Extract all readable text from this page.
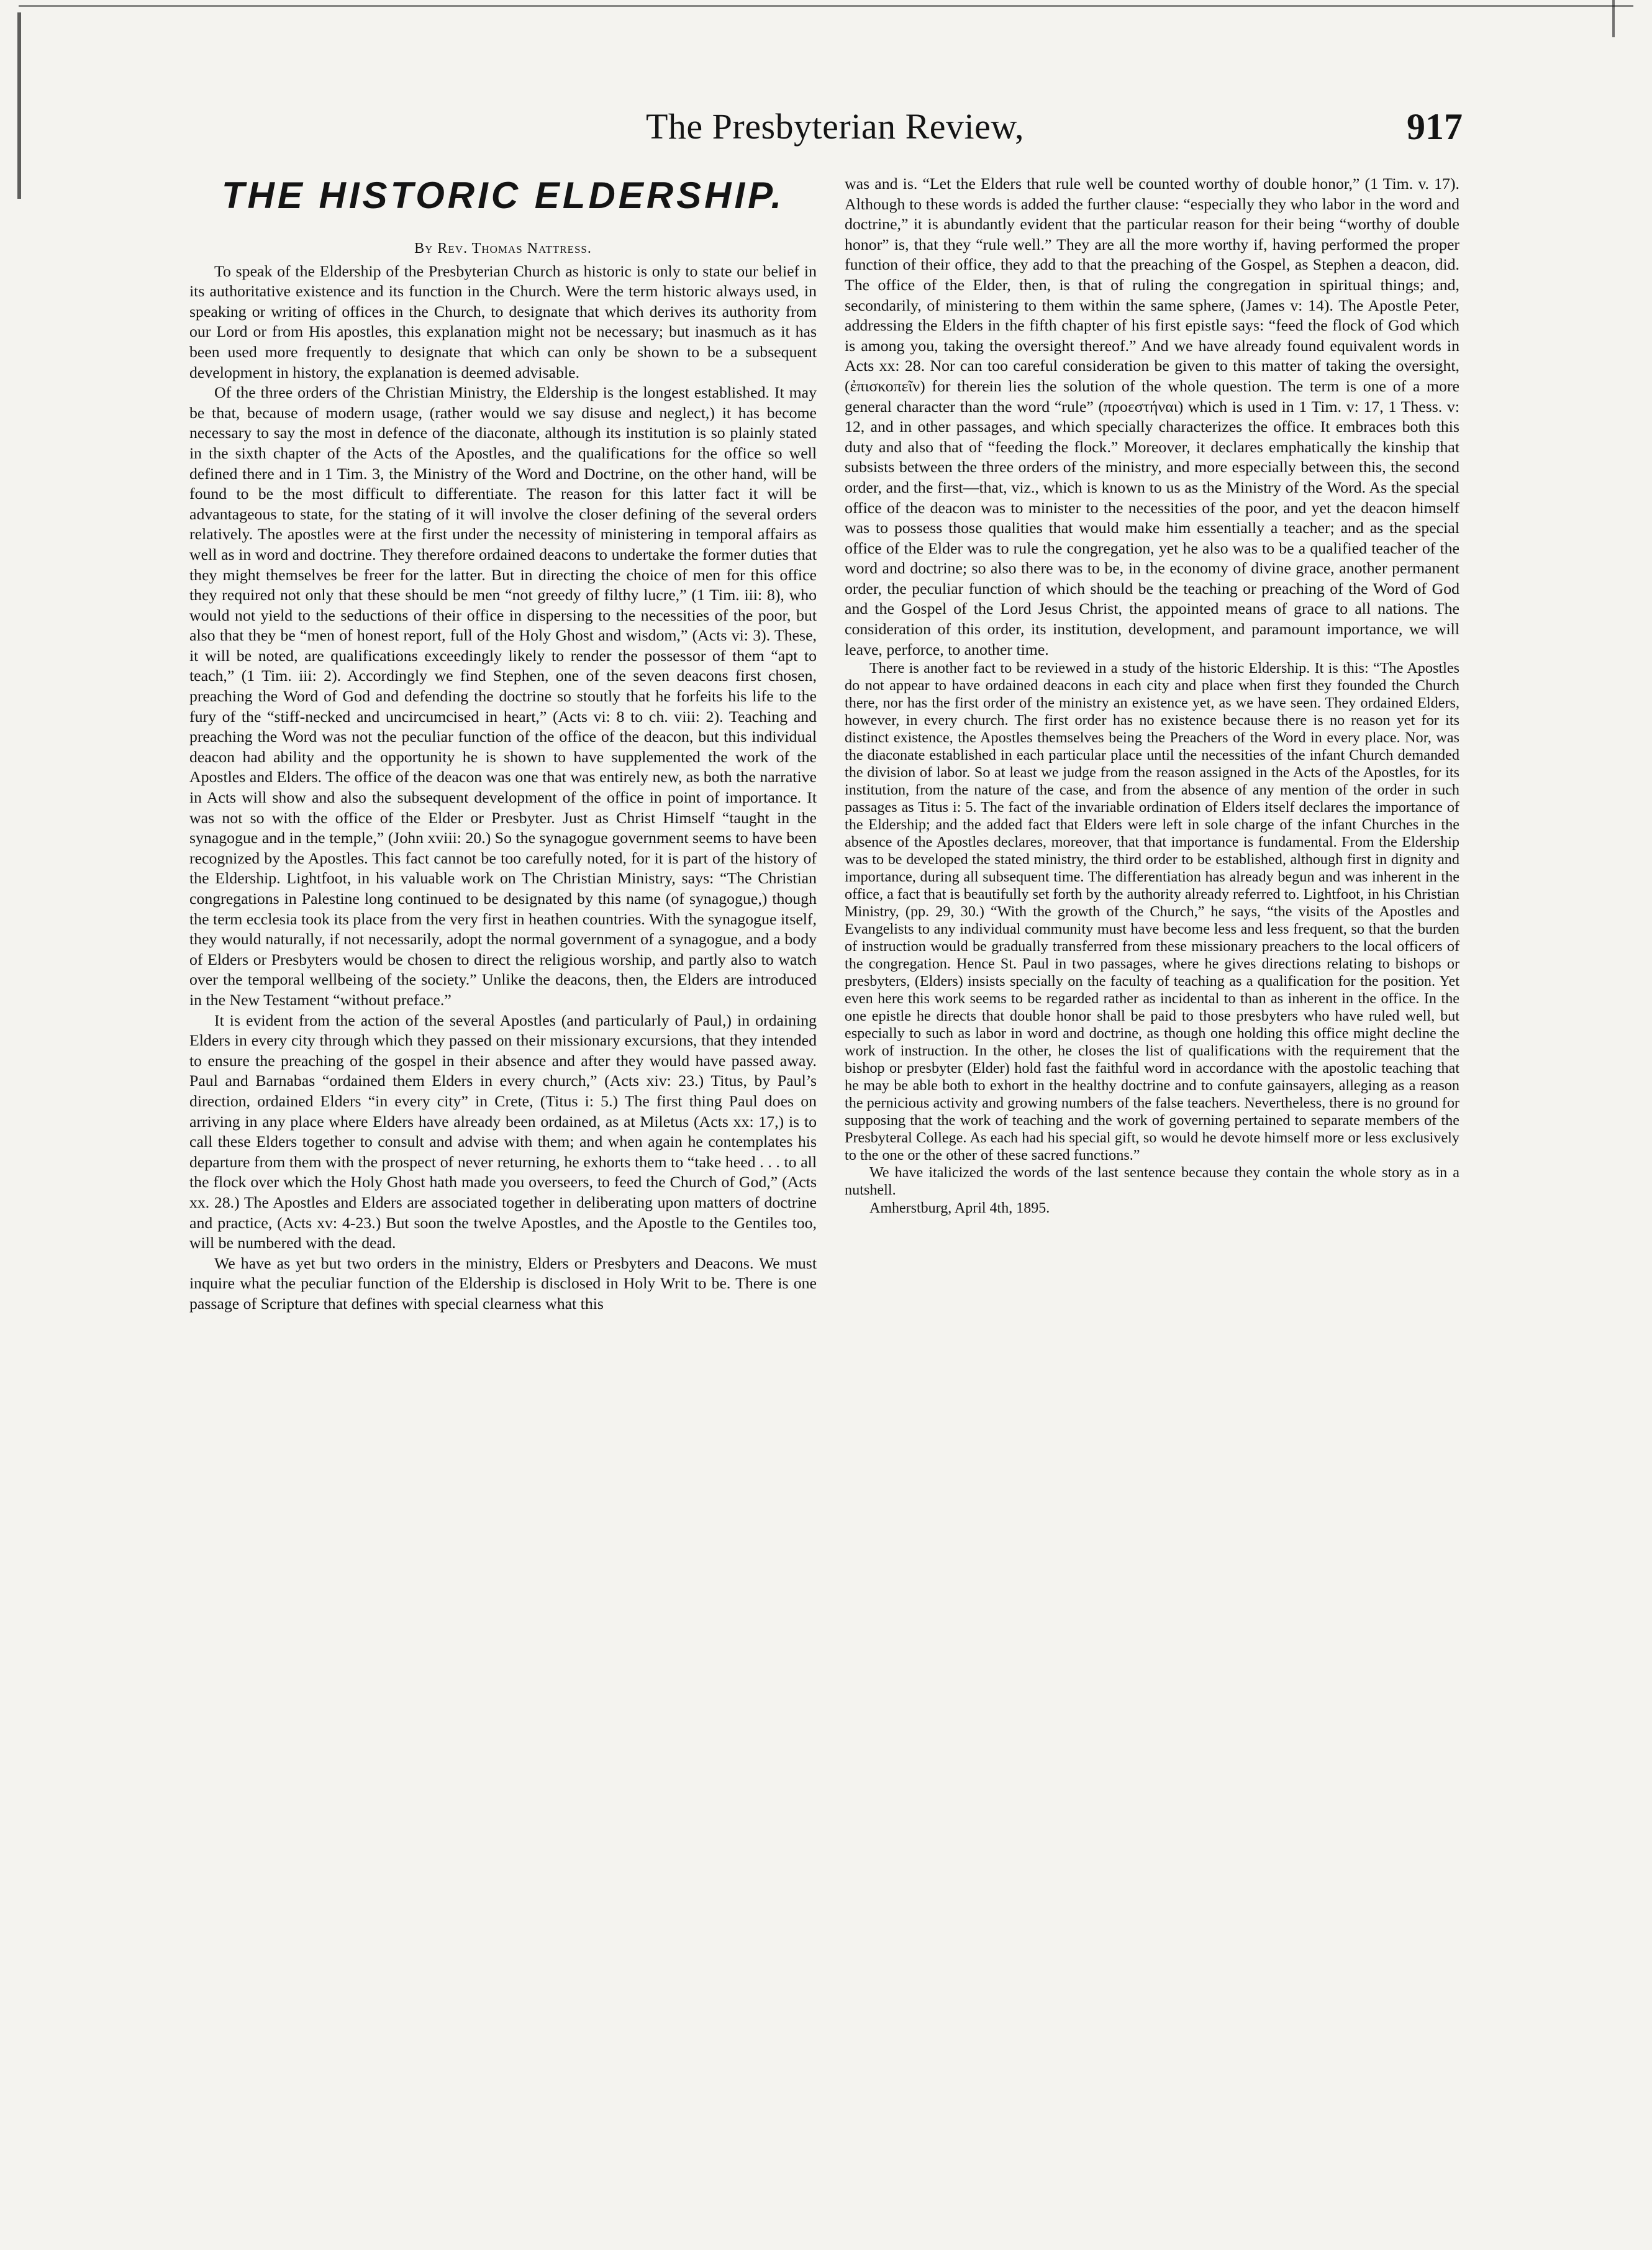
The Presbyterian Review,	917
THE HISTORIC ELDERSHIP.
By Rev. Thomas Nattress.

To speak of the Eldership of the Presbyterian Church as historic is only to state our belief in its authoritative existence and its function in the Church. Were the term historic always used, in speaking or writing of offices in the Church, to designate that which derives its authority from our Lord or from His apostles, this explanation might not be necessary; but inasmuch as it has been used more frequently to designate that which can only be shown to be a subsequent development in history, the explanation is deemed advisable.

Of the three orders of the Christian Ministry, the Eldership is the longest established. It may be that, because of modern usage, (rather would we say disuse and neglect,) it has become necessary to say the most in defence of the diaconate, although its institution is so plainly stated in the sixth chapter of the Acts of the Apostles, and the qualifications for the office so well defined there and in 1 Tim. 3, the Ministry of the Word and Doctrine, on the other hand, will be found to be the most difficult to differentiate. The reason for this latter fact it will be advantageous to state, for the stating of it will involve the closer defining of the several orders relatively. The apostles were at the first under the necessity of ministering in temporal affairs as well as in word and doctrine. They therefore ordained deacons to undertake the former duties that they might themselves be freer for the latter. But in directing the choice of men for this office they required not only that these should be men “not greedy of filthy lucre,” (1 Tim. iii: 8), who would not yield to the seductions of their office in dispersing to the necessities of the poor, but also that they be “men of honest report, full of the Holy Ghost and wisdom,” (Acts vi: 3). These, it will be noted, are qualifications exceedingly likely to render the possessor of them “apt to teach,” (1 Tim. iii: 2). Accordingly we find Stephen, one of the seven deacons first chosen, preaching the Word of God and defending the doctrine so stoutly that he forfeits his life to the fury of the “stiff-necked and uncircumcised in heart,” (Acts vi: 8 to ch. viii: 2). Teaching and preaching the Word was not the peculiar function of the office of the deacon, but this individual deacon had ability and the opportunity he is shown to have supplemented the work of the Apostles and Elders. The office of the deacon was one that was entirely new, as both the narrative in Acts will show and also the subsequent development of the office in point of importance. It was not so with the office of the Elder or Presbyter. Just as Christ Himself “taught in the synagogue and in the temple,” (John xviii: 20.) So the synagogue government seems to have been recognized by the Apostles. This fact cannot be too carefully noted, for it is part of the history of the Eldership. Lightfoot, in his valuable work on The Christian Ministry, says: “The Christian congregations in Palestine long continued to be designated by this name (of synagogue,) though the term ecclesia took its place from the very first in heathen countries. With the synagogue itself, they would naturally, if not necessarily, adopt the normal government of a synagogue, and a body of Elders or Presbyters would be chosen to direct the religious worship, and partly also to watch over the temporal wellbeing of the society.” Unlike the deacons, then, the Elders are introduced in the New Testament “without preface.”

It is evident from the action of the several Apostles (and particularly of Paul,) in ordaining Elders in every city through which they passed on their missionary excursions, that they intended to ensure the preaching of the gospel in their absence and after they would have passed away. Paul and Barnabas “ordained them Elders in every church,” (Acts xiv: 23.) Titus, by Paul’s direction, ordained Elders “in every city” in Crete, (Titus i: 5.) The first thing Paul does on arriving in any place where Elders have already been ordained, as at Miletus (Acts xx: 17,) is to call these Elders together to consult and advise with them; and when again he contemplates his departure from them with the prospect of never returning, he exhorts them to “take heed . . . to all the flock over which the Holy Ghost hath made you overseers, to feed the Church of God,” (Acts xx. 28.) The Apostles and Elders are associated together in deliberating upon matters of doctrine and practice, (Acts xv: 4-23.) But soon the twelve Apostles, and the Apostle to the Gentiles too, will be numbered with the dead.

We have as yet but two orders in the ministry, Elders or Presbyters and Deacons. We must inquire what the peculiar function of the Eldership is disclosed in Holy Writ to be. There is one passage of Scripture that defines with special clearness what this

was and is. “Let the Elders that rule well be counted worthy of double honor,” (1 Tim. v. 17). Although to these words is added the further clause: “especially they who labor in the word and doctrine,” it is abundantly evident that the particular reason for their being “worthy of double honor” is, that they “rule well.” They are all the more worthy if, having performed the proper function of their office, they add to that the preaching of the Gospel, as Stephen a deacon, did. The office of the Elder, then, is that of ruling the congregation in spiritual things; and, secondarily, of ministering to them within the same sphere, (James v: 14). The Apostle Peter, addressing the Elders in the fifth chapter of his first epistle says: “feed the flock of God which is among you, taking the oversight thereof.” And we have already found equivalent words in Acts xx: 28. Nor can too careful consideration be given to this matter of taking the oversight, (ἐπισκοπεῖν) for therein lies the solution of the whole question. The term is one of a more general character than the word “rule” (προεστήναι) which is used in 1 Tim. v: 17, 1 Thess. v: 12, and in other passages, and which specially characterizes the office. It embraces both this duty and also that of “feeding the flock.” Moreover, it declares emphatically the kinship that subsists between the three orders of the ministry, and more especially between this, the second order, and the first—that, viz., which is known to us as the Ministry of the Word. As the special office of the deacon was to minister to the necessities of the poor, and yet the deacon himself was to possess those qualities that would make him essentially a teacher; and as the special office of the Elder was to rule the congregation, yet he also was to be a qualified teacher of the word and doctrine; so also there was to be, in the economy of divine grace, another permanent order, the peculiar function of which should be the teaching or preaching of the Word of God and the Gospel of the Lord Jesus Christ, the appointed means of grace to all nations. The consideration of this order, its institution, development, and paramount importance, we will leave, perforce, to another time.

There is another fact to be reviewed in a study of the historic Eldership. It is this: “The Apostles do not appear to have ordained deacons in each city and place when first they founded the Church there, nor has the first order of the ministry an existence yet, as we have seen. They ordained Elders, however, in every church. The first order has no existence because there is no reason yet for its distinct existence, the Apostles themselves being the Preachers of the Word in every place. Nor, was the diaconate established in each particular place until the necessities of the infant Church demanded the division of labor. So at least we judge from the reason assigned in the Acts of the Apostles, for its institution, from the nature of the case, and from the absence of any mention of the order in such passages as Titus i: 5. The fact of the invariable ordination of Elders itself declares the importance of the Eldership; and the added fact that Elders were left in sole charge of the infant Churches in the absence of the Apostles declares, moreover, that that importance is fundamental. From the Eldership was to be developed the stated ministry, the third order to be established, although first in dignity and importance, during all subsequent time. The differentiation has already begun and was inherent in the office, a fact that is beautifully set forth by the authority already referred to. Lightfoot, in his Christian Ministry, (pp. 29, 30.) “With the growth of the Church,” he says, “the visits of the Apostles and Evangelists to any individual community must have become less and less frequent, so that the burden of instruction would be gradually transferred from these missionary preachers to the local officers of the congregation. Hence St. Paul in two passages, where he gives directions relating to bishops or presbyters, (Elders) insists specially on the faculty of teaching as a qualification for the position. Yet even here this work seems to be regarded rather as incidental to than as inherent in the office. In the one epistle he directs that double honor shall be paid to those presbyters who have ruled well, but especially to such as labor in word and doctrine, as though one holding this office might decline the work of instruction. In the other, he closes the list of qualifications with the requirement that the bishop or presbyter (Elder) hold fast the faithful word in accordance with the apostolic teaching that he may be able both to exhort in the healthy doctrine and to confute gainsayers, alleging as a reason the pernicious activity and growing numbers of the false teachers. Nevertheless, there is no ground for supposing that the work of teaching and the work of governing pertained to separate members of the Presbyteral College. As each had his special gift, so would he devote himself more or less exclusively to the one or the other of these sacred functions.”

We have italicized the words of the last sentence because they contain the whole story as in a nutshell.

Amherstburg, April 4th, 1895.
